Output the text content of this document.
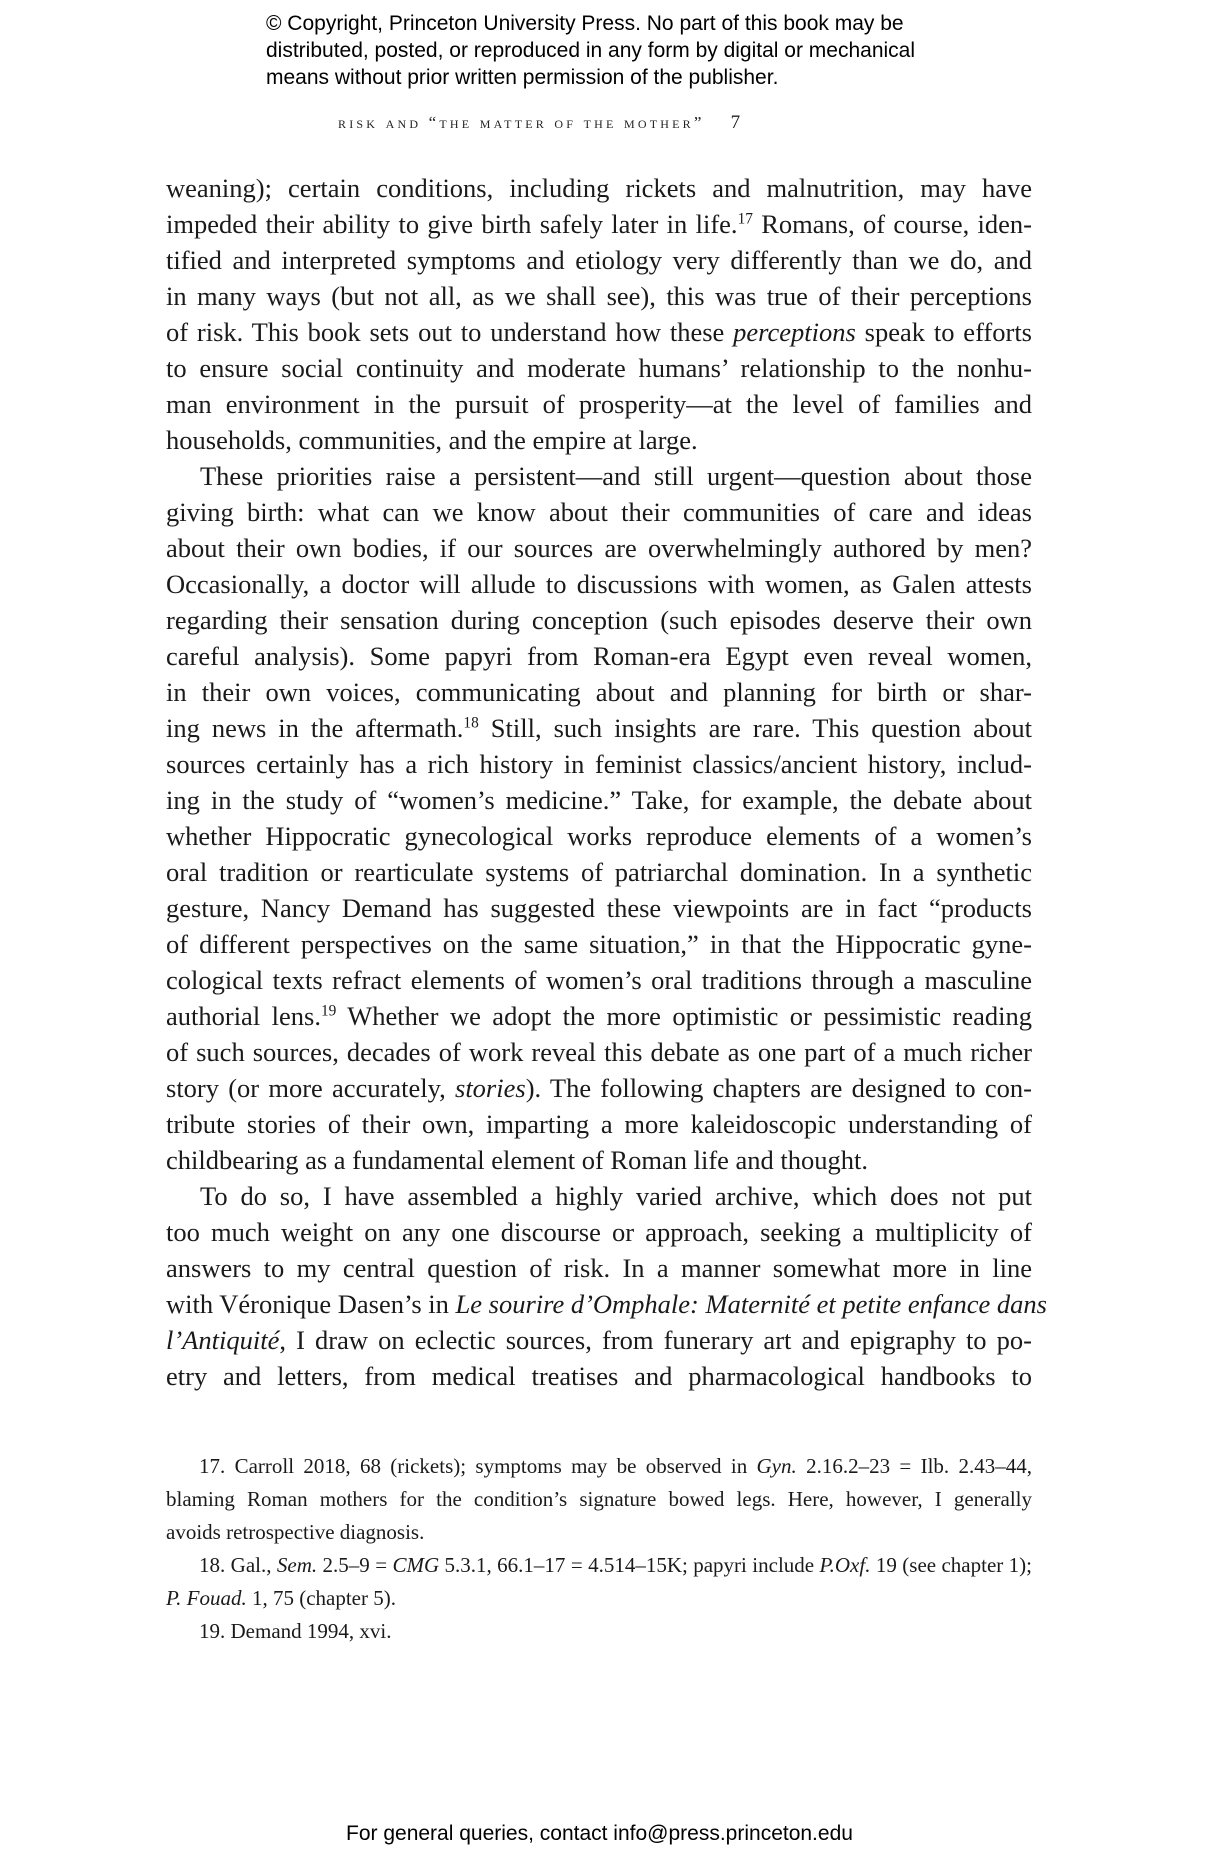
© Copyright, Princeton University Press. No part of this book may be
distributed, posted, or reproduced in any form by digital or mechanical
means without prior written permission of the publisher.
risk and “the matter of the mother” 7

weaning); certain conditions, including rickets and malnutrition, may have
impeded their ability to give birth safely later in life.$^{17}$ Romans, of course, iden-
tified and interpreted symptoms and etiology very differently than we do, and
in many ways (but not all, as we shall see), this was true of their perceptions
of risk. This book sets out to understand how these perceptions speak to efforts
to ensure social continuity and moderate humans’ relationship to the nonhu-
man environment in the pursuit of prosperity—at the level of families and
households, communities, and the empire at large.

These priorities raise a persistent—and still urgent—question about those
giving birth: what can we know about their communities of care and ideas
about their own bodies, if our sources are overwhelmingly authored by men?
Occasionally, a doctor will allude to discussions with women, as Galen attests
regarding their sensation during conception (such episodes deserve their own
careful analysis). Some papyri from Roman-era Egypt even reveal women,
in their own voices, communicating about and planning for birth or shar-
ing news in the aftermath.$^{18}$ Still, such insights are rare. This question about
sources certainly has a rich history in feminist classics/ancient history, includ-
ing in the study of “women’s medicine.” Take, for example, the debate about
whether Hippocratic gynecological works reproduce elements of a women’s
oral tradition or rearticulate systems of patriarchal domination. In a synthetic
gesture, Nancy Demand has suggested these viewpoints are in fact “products
of different perspectives on the same situation,” in that the Hippocratic gyne-
cological texts refract elements of women’s oral traditions through a masculine
authorial lens.$^{19}$ Whether we adopt the more optimistic or pessimistic reading
of such sources, decades of work reveal this debate as one part of a much richer
story (or more accurately, stories). The following chapters are designed to con-
tribute stories of their own, imparting a more kaleidoscopic understanding of
childbearing as a fundamental element of Roman life and thought.

To do so, I have assembled a highly varied archive, which does not put
too much weight on any one discourse or approach, seeking a multiplicity of
answers to my central question of risk. In a manner somewhat more in line
with Véronique Dasen’s in Le sourire d’Omphale: Maternité et petite enfance dans
l’Antiquité, I draw on eclectic sources, from funerary art and epigraphy to po-
etry and letters, from medical treatises and pharmacological handbooks to

17. Carroll 2018, 68 (rickets); symptoms may be observed in Gyn. 2.16.2–23 = Ilb. 2.43–44,
blaming Roman mothers for the condition’s signature bowed legs. Here, however, I generally
avoids retrospective diagnosis.

18. Gal., Sem. 2.5–9 = CMG 5.3.1, 66.1–17 = 4.514–15K; papyri include P.Oxf. 19 (see chapter 1);
P. Fouad. 1, 75 (chapter 5).

19. Demand 1994, xvi.

For general queries, contact info@press.princeton.edu
